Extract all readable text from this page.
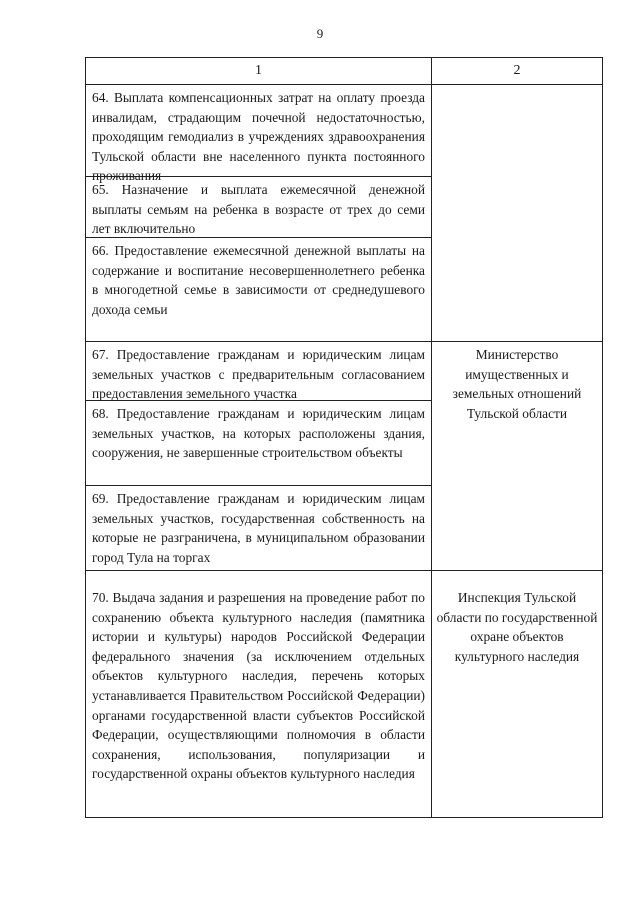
9
1	2
64. Выплата компенсационных затрат на оплату проезда инвалидам, страдающим почечной недостаточностью, проходящим гемодиализ в учреждениях здравоохранения Тульской области вне населенного пункта постоянного проживания
65. Назначение и выплата ежемесячной денежной выплаты семьям на ребенка в возрасте от трех до семи лет включительно
66. Предоставление ежемесячной денежной выплаты на содержание и воспитание несовершеннолетнего ребенка в многодетной семье в зависимости от среднедушевого дохода семьи
67. Предоставление гражданам и юридическим лицам земельных участков с предварительным согласованием предоставления земельного участка
68. Предоставление гражданам и юридическим лицам земельных участков, на которых расположены здания, сооружения, не завершенные строительством объекты
69. Предоставление гражданам и юридическим лицам земельных участков, государственная собственность на которые не разграничена, в муниципальном образовании город Тула на торгах
Министерство имущественных и земельных отношений Тульской области
70. Выдача задания и разрешения на проведение работ по сохранению объекта культурного наследия (памятника истории и культуры) народов Российской Федерации федерального значения (за исключением отдельных объектов культурного наследия, перечень которых устанавливается Правительством Российской Федерации) органами государственной власти субъектов Российской Федерации, осуществляющими полномочия в области сохранения, использования, популяризации и государственной охраны объектов культурного наследия
Инспекция Тульской области по государственной охране объектов культурного наследия
